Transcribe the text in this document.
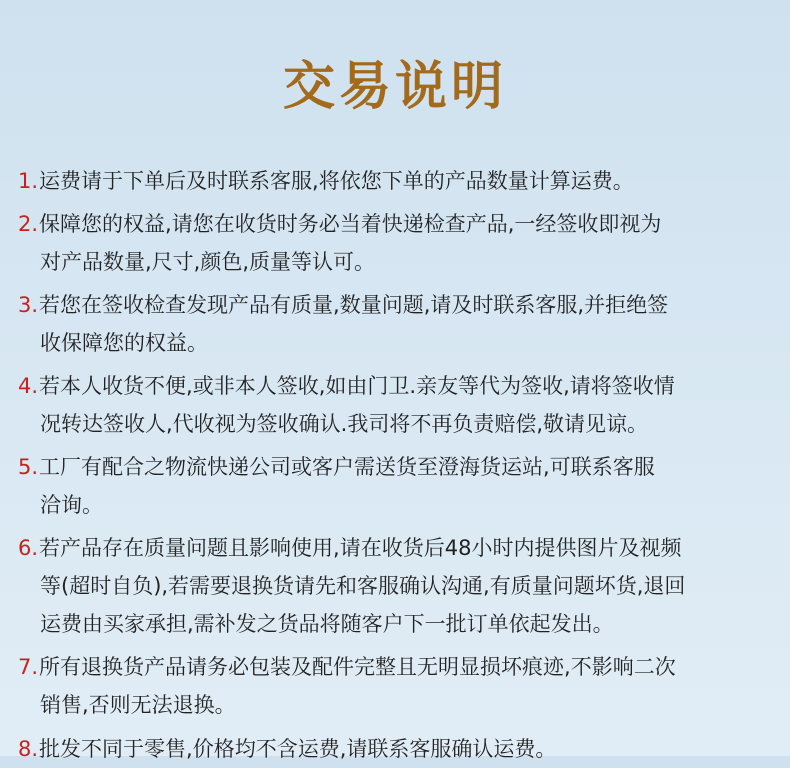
交易说明
1.运费请于下单后及时联系客服,将依您下单的产品数量计算运费。
2.保障您的权益,请您在收货时务必当着快递检查产品,一经签收即视为
对产品数量,尺寸,颜色,质量等认可。
3.若您在签收检查发现产品有质量,数量问题,请及时联系客服,并拒绝签
收保障您的权益。
4.若本人收货不便,或非本人签收,如由门卫.亲友等代为签收,请将签收情
况转达签收人,代收视为签收确认.我司将不再负责赔偿,敬请见谅。
5.工厂有配合之物流快递公司或客户需送货至澄海货运站,可联系客服
洽询。
6.若产品存在质量问题且影响使用,请在收货后48小时内提供图片及视频
等(超时自负),若需要退换货请先和客服确认沟通,有质量问题坏货,退回
运费由买家承担,需补发之货品将随客户下一批订单依起发出。
7.所有退换货产品请务必包装及配件完整且无明显损坏痕迹,不影响二次
销售,否则无法退换。
8.批发不同于零售,价格均不含运费,请联系客服确认运费。
